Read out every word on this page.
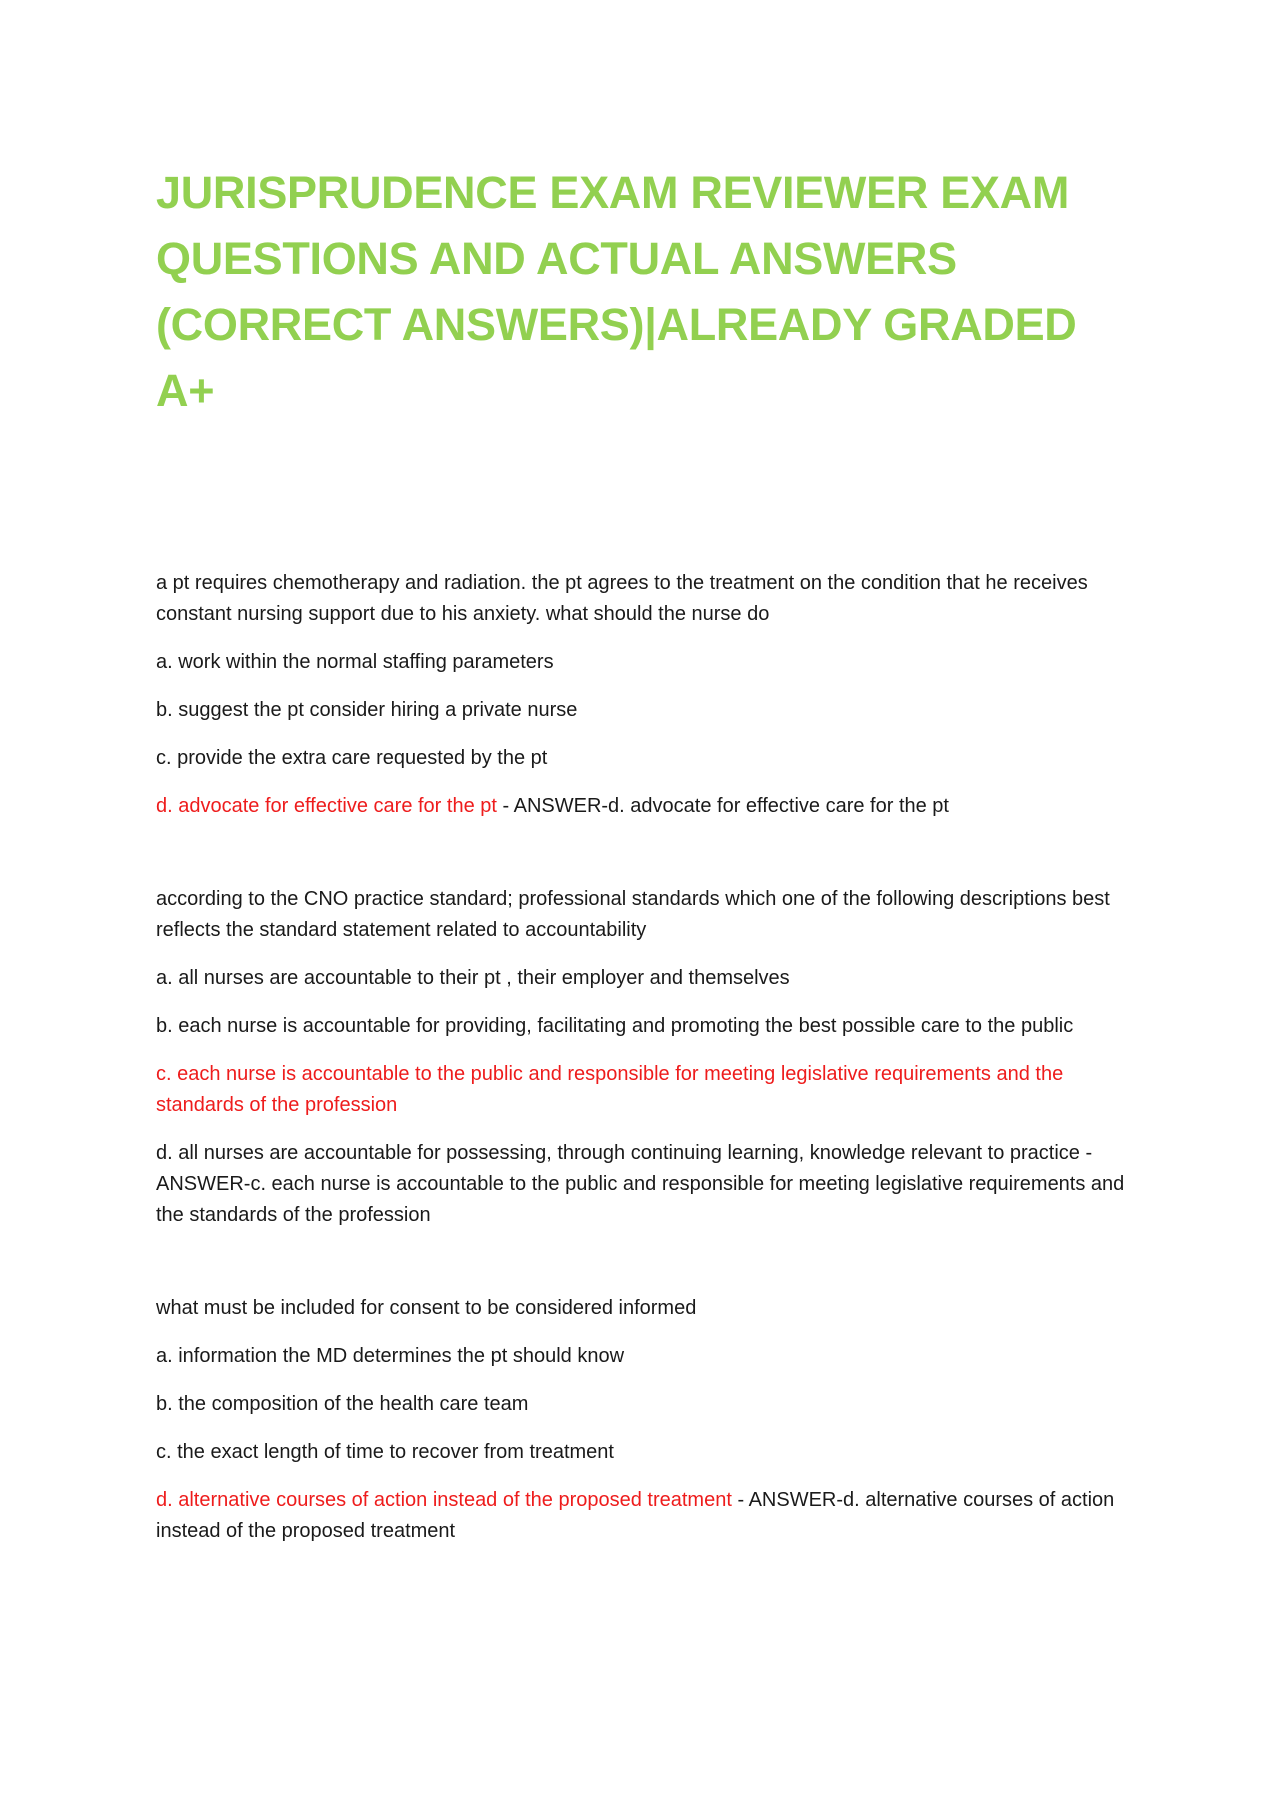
JURISPRUDENCE EXAM REVIEWER EXAM
QUESTIONS AND ACTUAL ANSWERS
(CORRECT ANSWERS)|ALREADY GRADED A+

a pt requires chemotherapy and radiation. the pt agrees to the treatment on the condition that he receives constant nursing support due to his anxiety. what should the nurse do

a. work within the normal staffing parameters

b. suggest the pt consider hiring a private nurse

c. provide the extra care requested by the pt

d. advocate for effective care for the pt - ANSWER-d. advocate for effective care for the pt

according to the CNO practice standard; professional standards which one of the following descriptions best reflects the standard statement related to accountability

a. all nurses are accountable to their pt , their employer and themselves

b. each nurse is accountable for providing, facilitating and promoting the best possible care to the public

c. each nurse is accountable to the public and responsible for meeting legislative requirements and the standards of the profession

d. all nurses are accountable for possessing, through continuing learning, knowledge relevant to practice - ANSWER-c. each nurse is accountable to the public and responsible for meeting legislative requirements and the standards of the profession

what must be included for consent to be considered informed

a. information the MD determines the pt should know

b. the composition of the health care team

c. the exact length of time to recover from treatment

d. alternative courses of action instead of the proposed treatment - ANSWER-d. alternative courses of action instead of the proposed treatment
